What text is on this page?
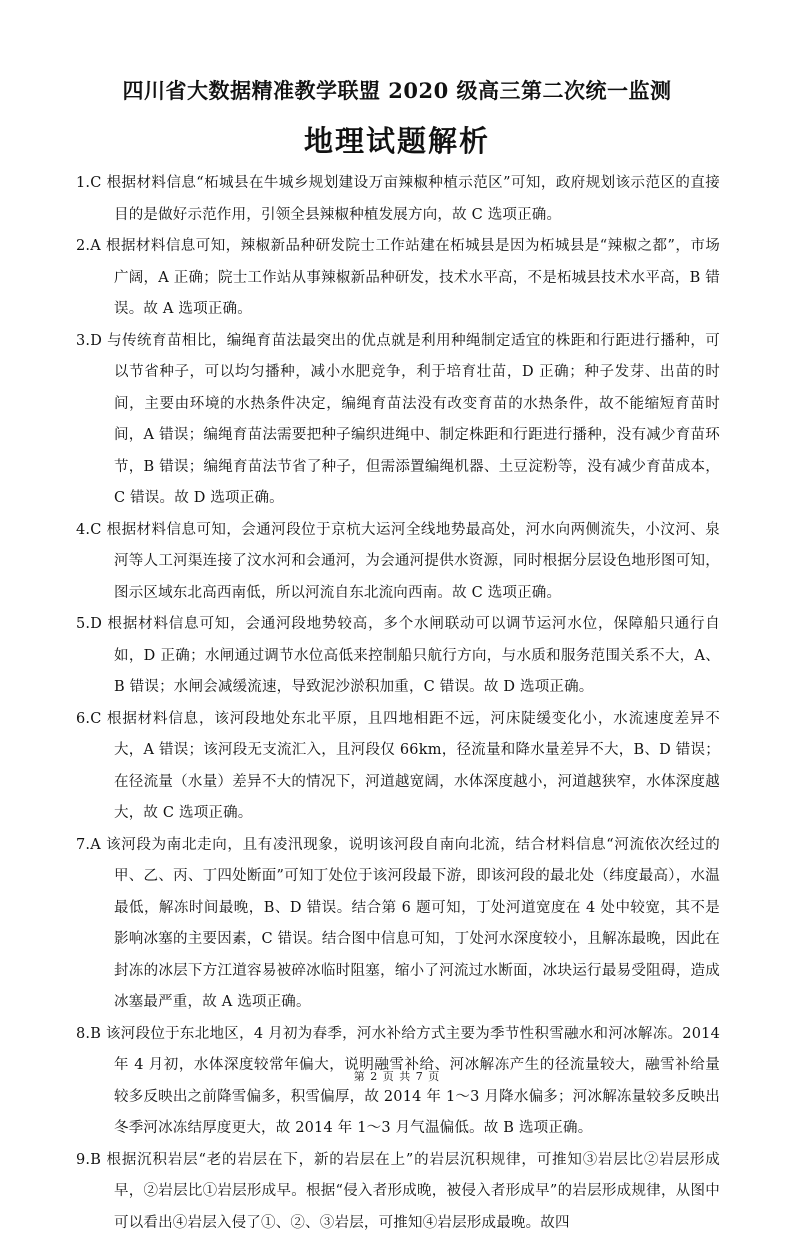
四川省大数据精准教学联盟 2020 级高三第二次统一监测
地理试题解析

1.C 根据材料信息“柘城县在牛城乡规划建设万亩辣椒种植示范区”可知，政府规划该示范区的直接目的是做好示范作用，引领全县辣椒种植发展方向，故 C 选项正确。

2.A 根据材料信息可知，辣椒新品种研发院士工作站建在柘城县是因为柘城县是“辣椒之都”，市场广阔，A 正确；院士工作站从事辣椒新品种研发，技术水平高，不是柘城县技术水平高，B 错误。故 A 选项正确。

3.D 与传统育苗相比，编绳育苗法最突出的优点就是利用种绳制定适宜的株距和行距进行播种，可以节省种子，可以均匀播种，减小水肥竞争，利于培育壮苗，D 正确；种子发芽、出苗的时间，主要由环境的水热条件决定，编绳育苗法没有改变育苗的水热条件，故不能缩短育苗时间，A 错误；编绳育苗法需要把种子编织进绳中、制定株距和行距进行播种，没有减少育苗环节，B 错误；编绳育苗法节省了种子，但需添置编绳机器、土豆淀粉等，没有减少育苗成本，C 错误。故 D 选项正确。

4.C 根据材料信息可知，会通河段位于京杭大运河全线地势最高处，河水向两侧流失，小汶河、泉河等人工河渠连接了汶水河和会通河，为会通河提供水资源，同时根据分层设色地形图可知，图示区域东北高西南低，所以河流自东北流向西南。故 C 选项正确。

5.D 根据材料信息可知，会通河段地势较高，多个水闸联动可以调节运河水位，保障船只通行自如，D 正确；水闸通过调节水位高低来控制船只航行方向，与水质和服务范围关系不大，A、B 错误；水闸会减缓流速，导致泥沙淤积加重，C 错误。故 D 选项正确。

6.C 根据材料信息，该河段地处东北平原，且四地相距不远，河床陡缓变化小，水流速度差异不大，A 错误；该河段无支流汇入，且河段仅 66km，径流量和降水量差异不大，B、D 错误；在径流量（水量）差异不大的情况下，河道越宽阔，水体深度越小，河道越狭窄，水体深度越大，故 C 选项正确。

7.A 该河段为南北走向，且有凌汛现象，说明该河段自南向北流，结合材料信息“河流依次经过的甲、乙、丙、丁四处断面”可知丁处位于该河段最下游，即该河段的最北处（纬度最高），水温最低，解冻时间最晚，B、D 错误。结合第 6 题可知，丁处河道宽度在 4 处中较宽，其不是影响冰塞的主要因素，C 错误。结合图中信息可知，丁处河水深度较小，且解冻最晚，因此在封冻的冰层下方江道容易被碎冰临时阻塞，缩小了河流过水断面，冰块运行最易受阻碍，造成冰塞最严重，故 A 选项正确。

8.B 该河段位于东北地区，4 月初为春季，河水补给方式主要为季节性积雪融水和河冰解冻。2014 年 4 月初，水体深度较常年偏大，说明融雪补给、河冰解冻产生的径流量较大，融雪补给量较多反映出之前降雪偏多，积雪偏厚，故 2014 年 1～3 月降水偏多；河冰解冻量较多反映出冬季河冰冻结厚度更大，故 2014 年 1～3 月气温偏低。故 B 选项正确。

9.B 根据沉积岩层“老的岩层在下，新的岩层在上”的岩层沉积规律，可推知③岩层比②岩层形成早，②岩层比①岩层形成早。根据“侵入者形成晚，被侵入者形成早”的岩层形成规律，从图中可以看出④岩层入侵了①、②、③岩层，可推知④岩层形成最晚。故四

第 2 页 共 7 页
